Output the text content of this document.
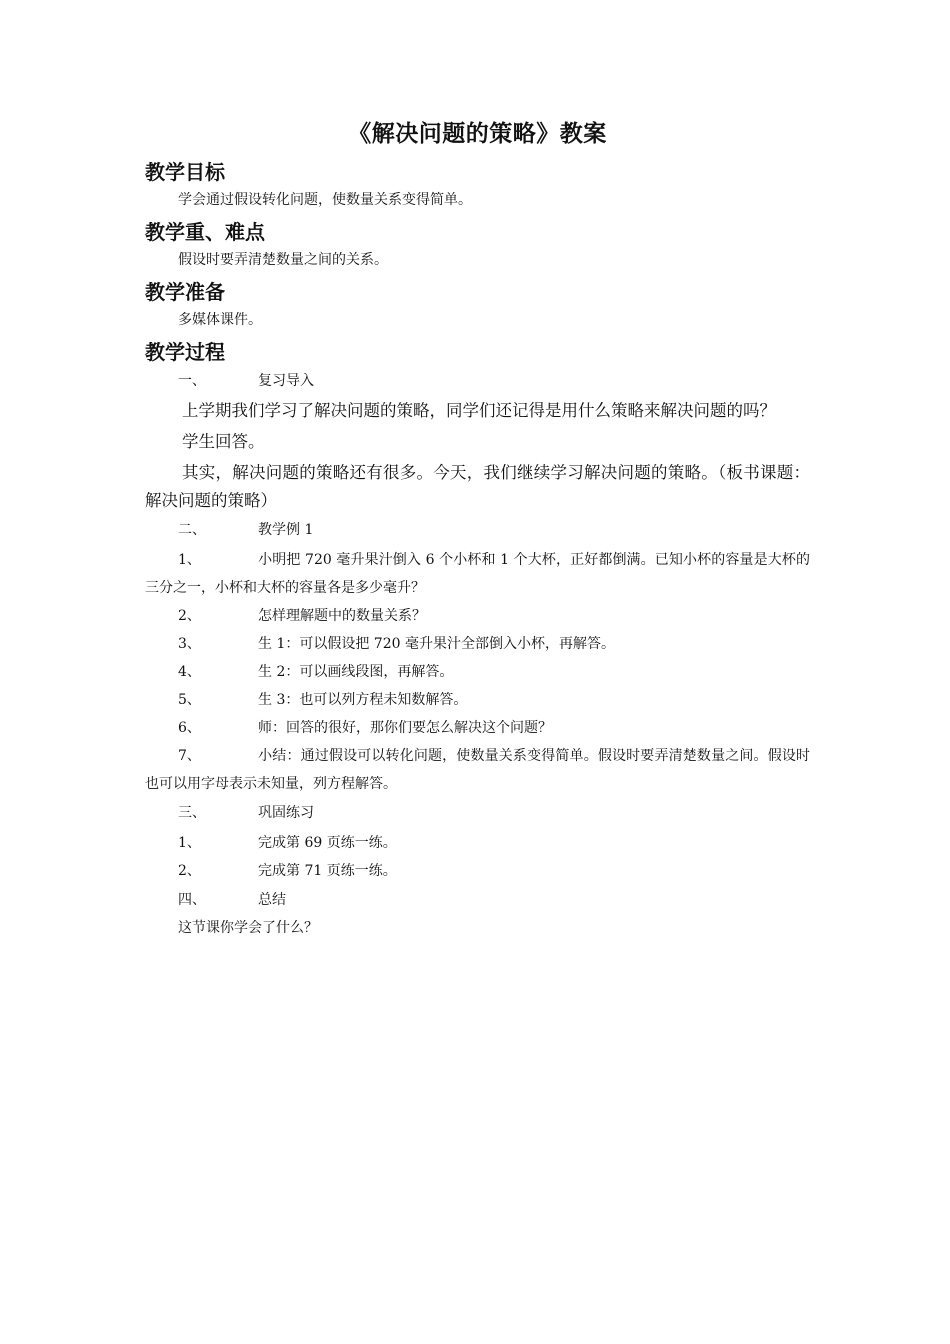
《解决问题的策略》教案
教学目标

学会通过假设转化问题，使数量关系变得简单。

教学重、难点

假设时要弄清楚数量之间的关系。

教学准备

多媒体课件。

教学过程
一、	复习导入

上学期我们学习了解决问题的策略，同学们还记得是用什么策略来解决问题的吗？

学生回答。

其实，解决问题的策略还有很多。今天，我们继续学习解决问题的策略。（板书课题：解决问题的策略）

二、	教学例 1

1、	小明把 720 毫升果汁倒入 6 个小杯和 1 个大杯，正好都倒满。已知小杯的容量是大杯的三分之一，小杯和大杯的容量各是多少毫升？

2、	怎样理解题中的数量关系？

3、	生 1：可以假设把 720 毫升果汁全部倒入小杯，再解答。

4、	生 2：可以画线段图，再解答。

5、	生 3：也可以列方程未知数解答。

6、	师：回答的很好，那你们要怎么解决这个问题？

7、	小结：通过假设可以转化问题，使数量关系变得简单。假设时要弄清楚数量之间。假设时也可以用字母表示未知量，列方程解答。

三、	巩固练习

1、	完成第 69 页练一练。

2、	完成第 71 页练一练。

四、	总结

这节课你学会了什么？
